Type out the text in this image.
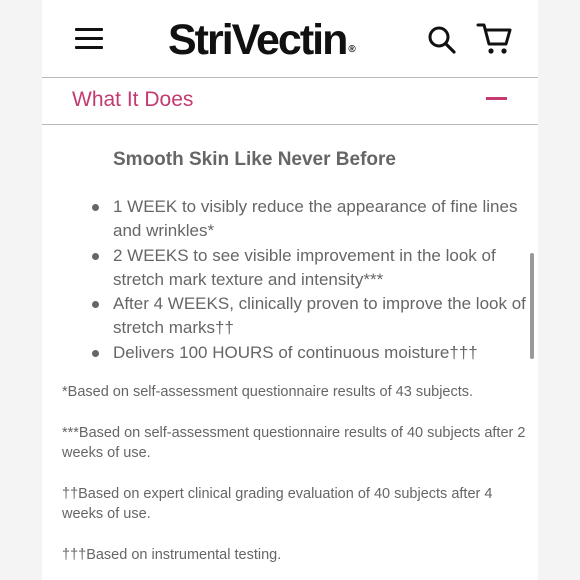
StriVectin ®
What It Does
Smooth Skin Like Never Before
1 WEEK to visibly reduce the appearance of fine lines and wrinkles*
2 WEEKS to see visible improvement in the look of stretch mark texture and intensity***
After 4 WEEKS, clinically proven to improve the look of stretch marks††
Delivers 100 HOURS of continuous moisture†††

*Based on self-assessment questionnaire results of 43 subjects.

***Based on self-assessment questionnaire results of 40 subjects after 2 weeks of use.

††Based on expert clinical grading evaluation of 40 subjects after 4 weeks of use.

†††Based on instrumental testing.
